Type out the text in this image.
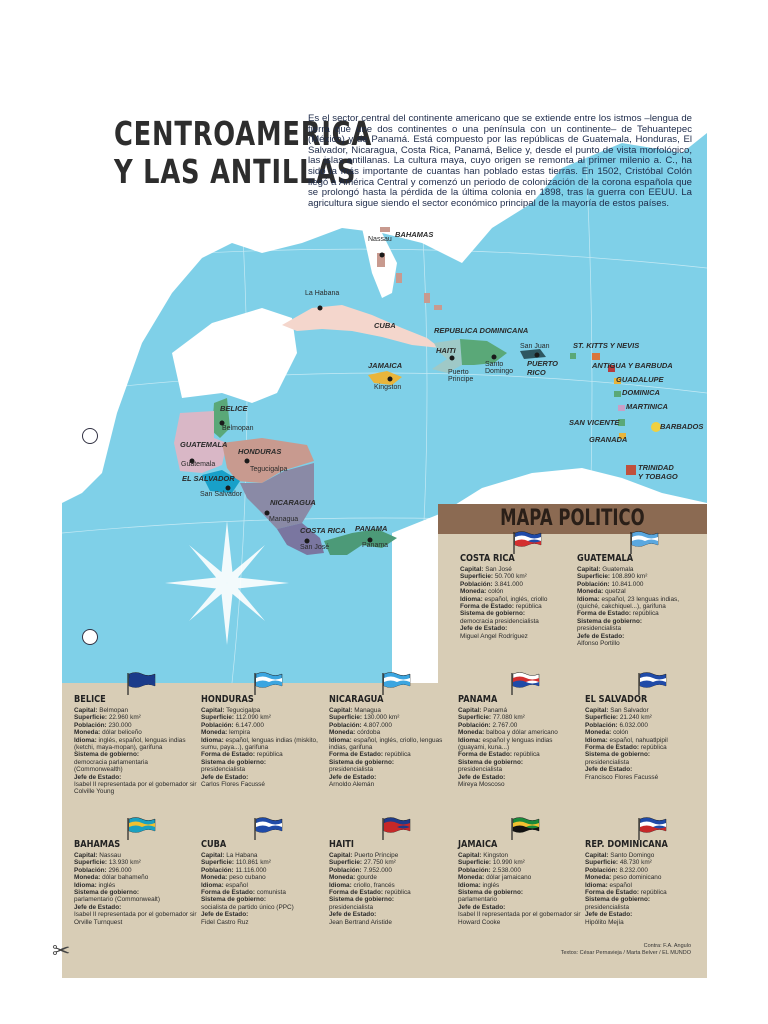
CENTROAMERICA
Y LAS ANTILLAS
Es el sector central del continente americano que se extiende entre los istmos –lengua de tierra que une dos continentes o una península con un continente– de Tehuantepec (México) y de Panamá. Está compuesto por las repúblicas de Guatemala, Honduras, El Salvador, Nicaragua, Costa Rica, Panamá, Belice y, desde el punto de vista morfológico, las islas antillanas. La cultura maya, cuyo origen se remonta al primer milenio a. C., ha sido la más importante de cuantas han poblado estas tierras. En 1502, Cristóbal Colón llegó a América Central y comenzó un periodo de colonización de la corona española que se prolongó hasta la pérdida de la última colonia en 1898, tras la guerra con EEUU. La agricultura sigue siendo el sector económico principal de la mayoría de estos países.
BAHAMAS
Nassau
La Habana
CUBA
REPUBLICA DOMINICANA
HAITI	San Juan
PUERTO RICO
JAMAICA
Kingston
Puerto Principe
Santo Domingo
ST. KITTS Y NEVIS
ANTIGUA Y BARBUDA
GUADALUPE
DOMINICA
MARTINICA
SAN VICENTE	BARBADOS
GRANADA
TRINIDAD Y TOBAGO
BELICE
Belmopan
GUATEMALA
Guatemala
HONDURAS
Tegucigalpa
EL SALVADOR
San Salvador
NICARAGUA
Managua
COSTA RICA
San José
PANAMA
Panama
MAPA POLITICO
Contra: F.A. Angulo
Textos: César Pernavieja / Marta Belver / EL MUNDO
COSTA RICA
Capital: San José
Superficie: 50.700 km²
Población: 3.841.000
Moneda: colón
Idioma: español, inglés, criollo
Forma de Estado: república
Sistema de gobierno:
democracia presidencialista
Jefe de Estado:
Miguel Angel Rodríguez
GUATEMALA
Capital: Guatemala
Superficie: 108.890 km²
Población: 10.841.000
Moneda: quetzal
Idioma: español, 23 lenguas indias, (quiché, cakchiquel...), garifuna
Forma de Estado: república
Sistema de gobierno:
presidencialista
Jefe de Estado:
Alfonso Portillo
BELICE
Capital: Belmopan
Superficie: 22.960 km²
Población: 230.000
Moneda: dólar beliceño
Idioma: inglés, español, lenguas indias (ketchi, maya-mopan), garifuna
Sistema de gobierno:
democracia parlamentaria (Commonwealth)
Jefe de Estado:
Isabel II representada por el gobernador sir Colville Young
HONDURAS
Capital: Tegucigalpa
Superficie: 112.090 km²
Población: 6.147.000
Moneda: lempira
Idioma: español, lenguas indias (miskito, sumu, paya...), garifuna
Forma de Estado: república
Sistema de gobierno:
presidencialista
Jefe de Estado:
Carlos Flores Facussé
NICARAGUA
Capital: Managua
Superficie: 130.000 km²
Población: 4.807.000
Moneda: córdoba
Idioma: español, inglés, criollo, lenguas indias, garifuna
Forma de Estado: república
Sistema de gobierno:
presidencialista
Jefe de Estado:
Arnoldo Alemán
PANAMA
Capital: Panamá
Superficie: 77.080 km²
Población: 2.767.00
Moneda: balboa y dólar americano
Idioma: español y lenguas indias (guayami, kuna...)
Forma de Estado: república
Sistema de gobierno:
presidencialista
Jefe de Estado:
Mireya Moscoso
EL SALVADOR
Capital: San Salvador
Superficie: 21.240 km²
Población: 6.032.000
Moneda: colón
Idioma: español, nahuatlpipil
Forma de Estado: república
Sistema de gobierno:
presidencialista
Jefe de Estado:
Francisco Flores Facussé
BAHAMAS
Capital: Nassau
Superficie: 13.930 km²
Población: 296.000
Moneda: dólar bahameño
Idioma: inglés
Sistema de gobierno:
parlamentario (Commonwealt)
Jefe de Estado:
Isabel II representada por el gobernador sir Orville Turnquest
CUBA
Capital: La Habana
Superficie: 110.861 km²
Población: 11.116.000
Moneda: peso cubano
Idioma: español
Forma de Estado: comunista
Sistema de gobierno:
socialista de partido único (PPC)
Jefe de Estado:
Fidel Castro Ruz
HAITI
Capital: Puerto Príncipe
Superficie: 27.750 km²
Población: 7.952.000
Moneda: gourde
Idioma: criollo, francés
Forma de Estado: república
Sistema de gobierno:
presidencialista
Jefe de Estado:
Jean Bertrand Aristide
JAMAICA
Capital: Kingston
Superficie: 10.990 km²
Población: 2.538.000
Moneda: dólar jamaicano
Idioma: inglés
Sistema de gobierno:
parlamentario
Jefe de Estado:
Isabel II representada por el gobernador sir Howard Cooke
REP. DOMINICANA
Capital: Santo Domingo
Superficie: 48.730 km²
Población: 8.232.000
Moneda: peso dominicano
Idioma: español
Forma de Estado: república
Sistema de gobierno:
presidencialista
Jefe de Estado:
Hipólito Mejía
✂
